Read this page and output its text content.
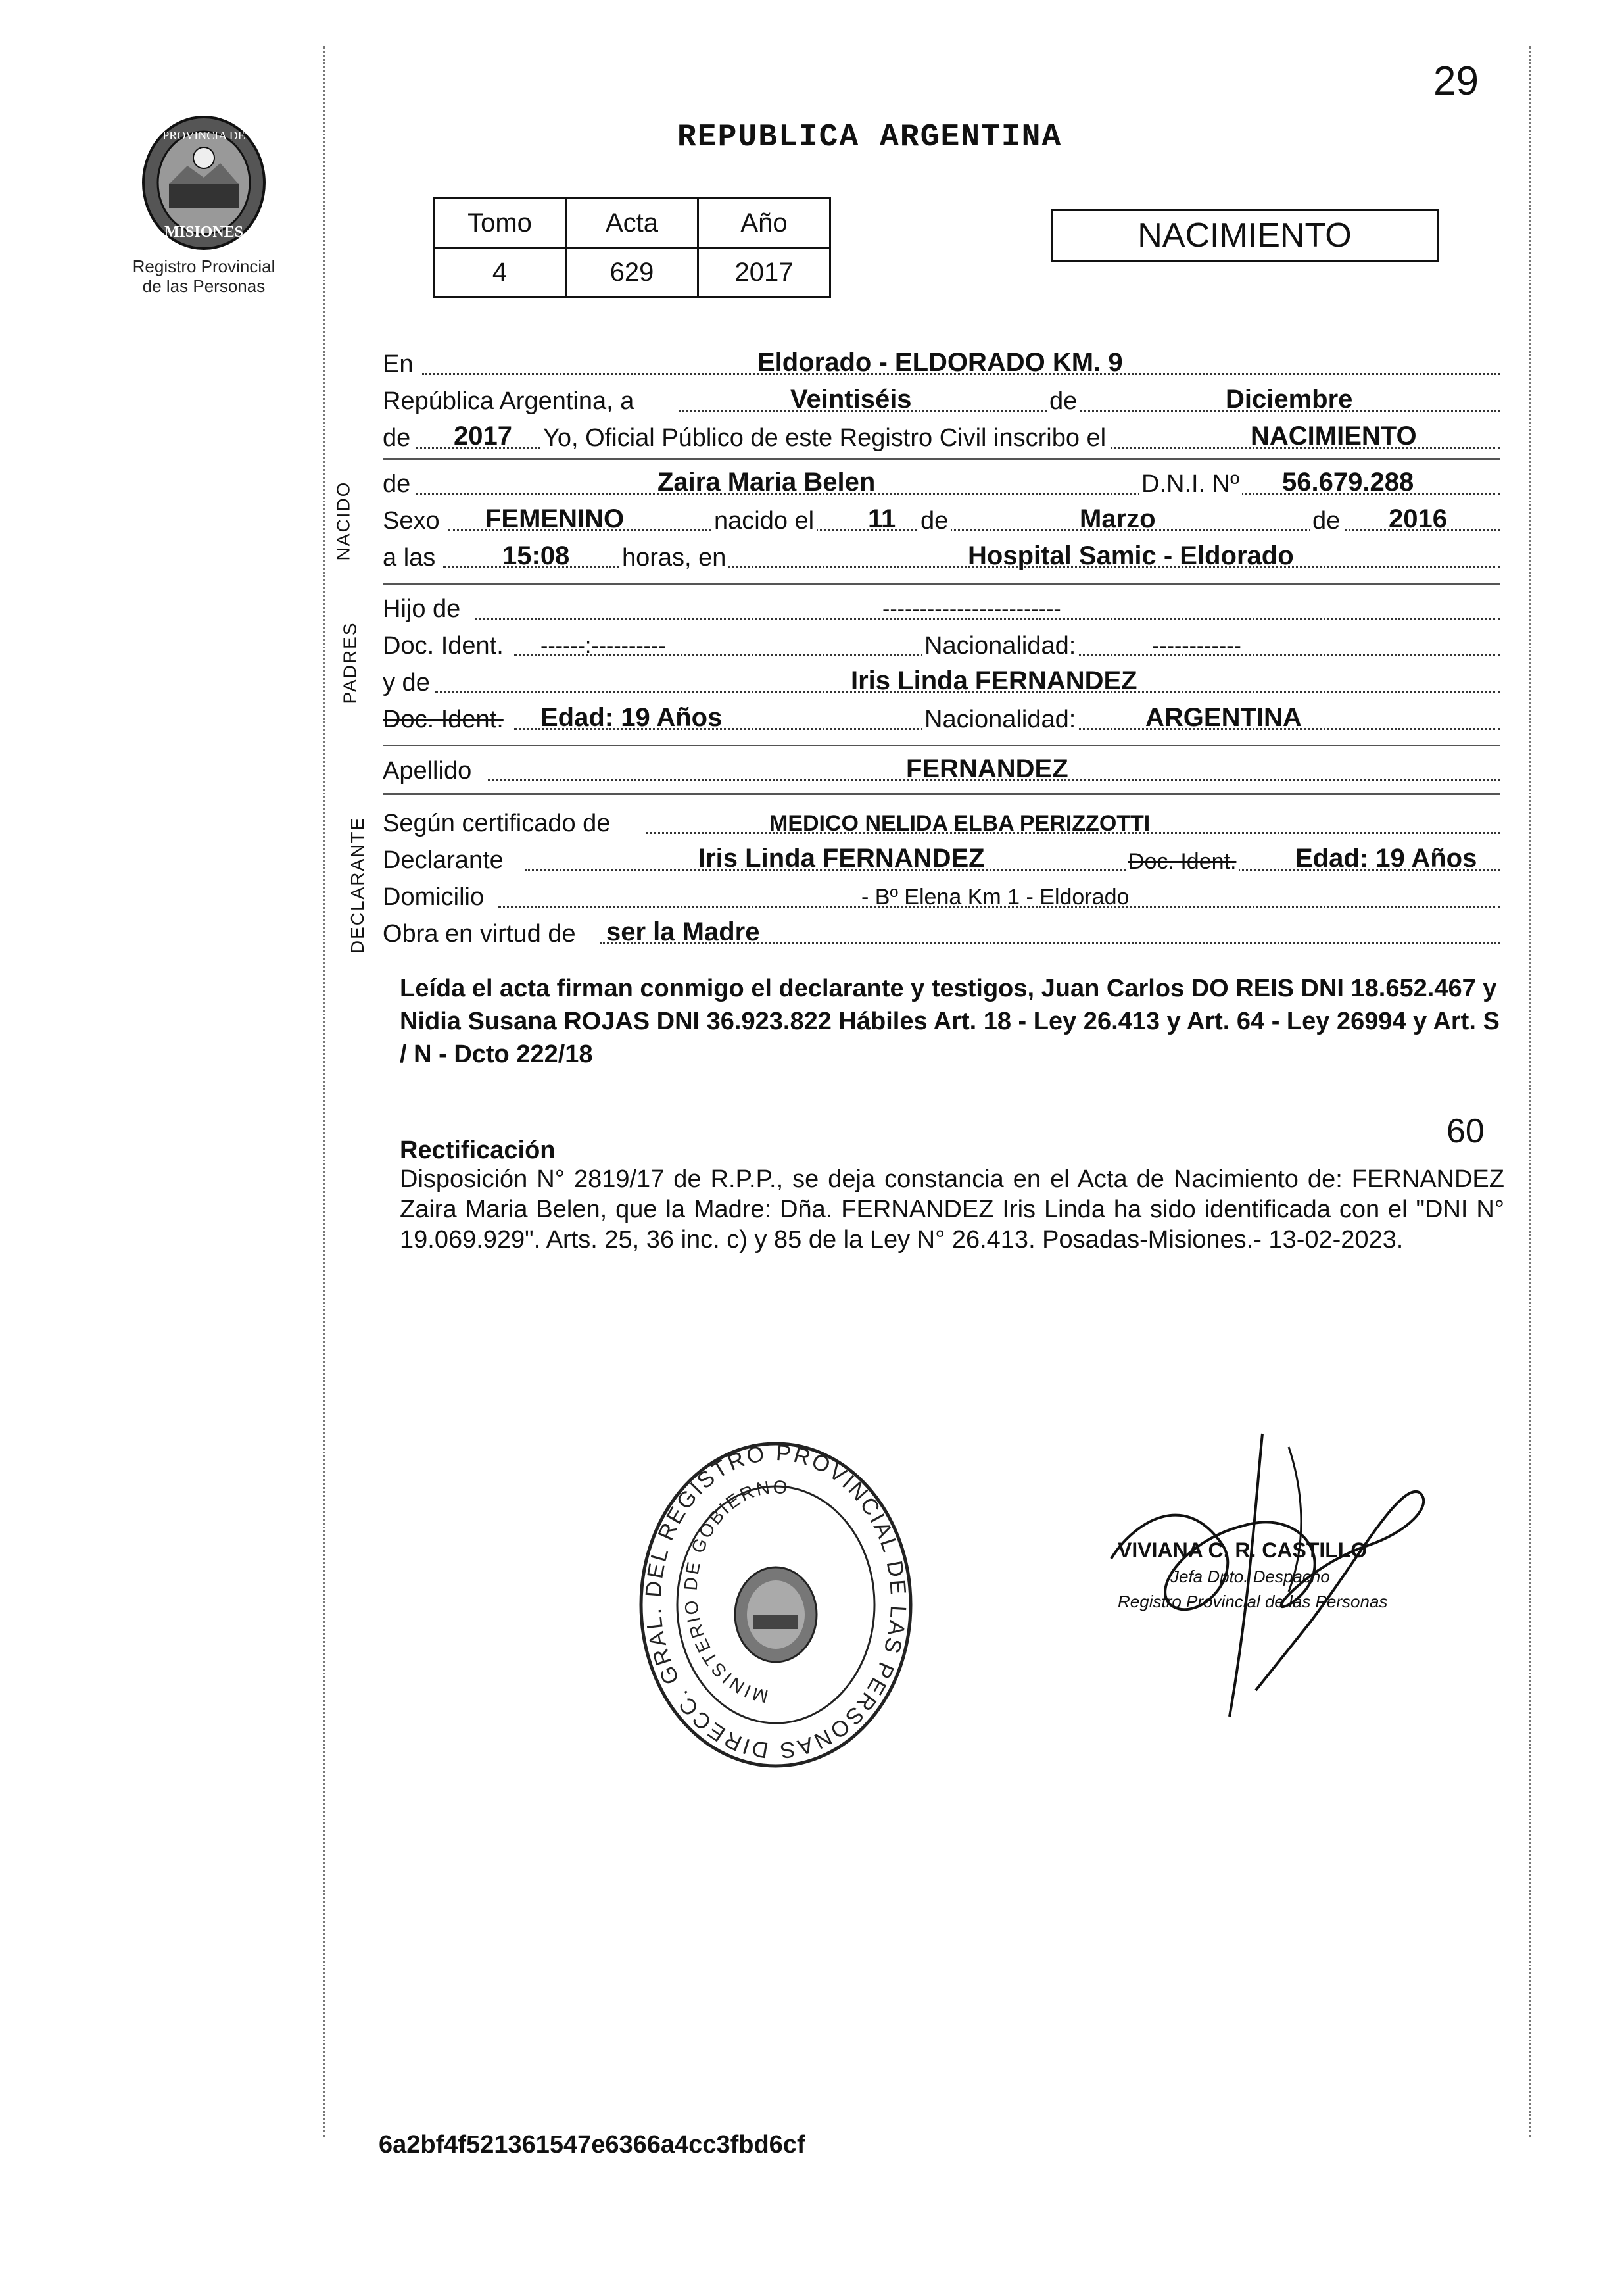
PROVINCIA DE
MISIONES
Registro Provincial
de las Personas
29
REPUBLICA ARGENTINA
Tomo	Acta	Año
4	629	2017
NACIMIENTO
En	Eldorado - ELDORADO KM. 9
República Argentina, a	Veintiséis	de	Diciembre
de 2017 Yo, Oficial Público de este Registro Civil inscribo el	NACIMIENTO
NACIDO de	Zaira Maria Belen	D.N.I. Nº 56.679.288
Sexo FEMENINO	nacido el 11 de	Marzo	de 2016
a las	15:08 horas, en	Hospital Samic - Eldorado
PADRES
Hijo de	------------------------
Doc. Ident. ------:----------	Nacionalidad:	------------
y de	Iris Linda FERNANDEZ
Doc. Ident. Edad: 19 Años	Nacionalidad:	ARGENTINA
Apellido	FERNANDEZ
DECLARANTE Según certificado de	MEDICO NELIDA ELBA PERIZZOTTI
Declarante	Iris Linda FERNANDEZ	Doc. Ident. Edad: 19 Años
Domicilio	- Bº Elena Km 1 - Eldorado
Obra en virtud de ser la Madre
Leída el acta firman conmigo el declarante y testigos, Juan Carlos DO REIS DNI 18.652.467 y Nidia Susana ROJAS DNI 36.923.822 Hábiles Art. 18 - Ley 26.413 y Art. 64 - Ley 26994 y Art. S / N - Dcto 222/18
60
Rectificación
Disposición N° 2819/17 de R.P.P., se deja constancia en el Acta de Nacimiento de: FERNANDEZ Zaira Maria Belen, que la Madre: Dña. FERNANDEZ Iris Linda ha sido identificada con el "DNI N° 19.069.929". Arts. 25, 36 inc. c) y 85 de la Ley N° 26.413. Posadas-Misiones.- 13-02-2023.
DIRECC. GRAL. DEL REGISTRO PROVINCIAL DE LAS PERSONAS
MINISTERIO DE GOBIERNO
VIVIANA C. R. CASTILLO
Jefa Dpto. Despacho
Registro Provincial de las Personas
6a2bf4f521361547e6366a4cc3fbd6cf
